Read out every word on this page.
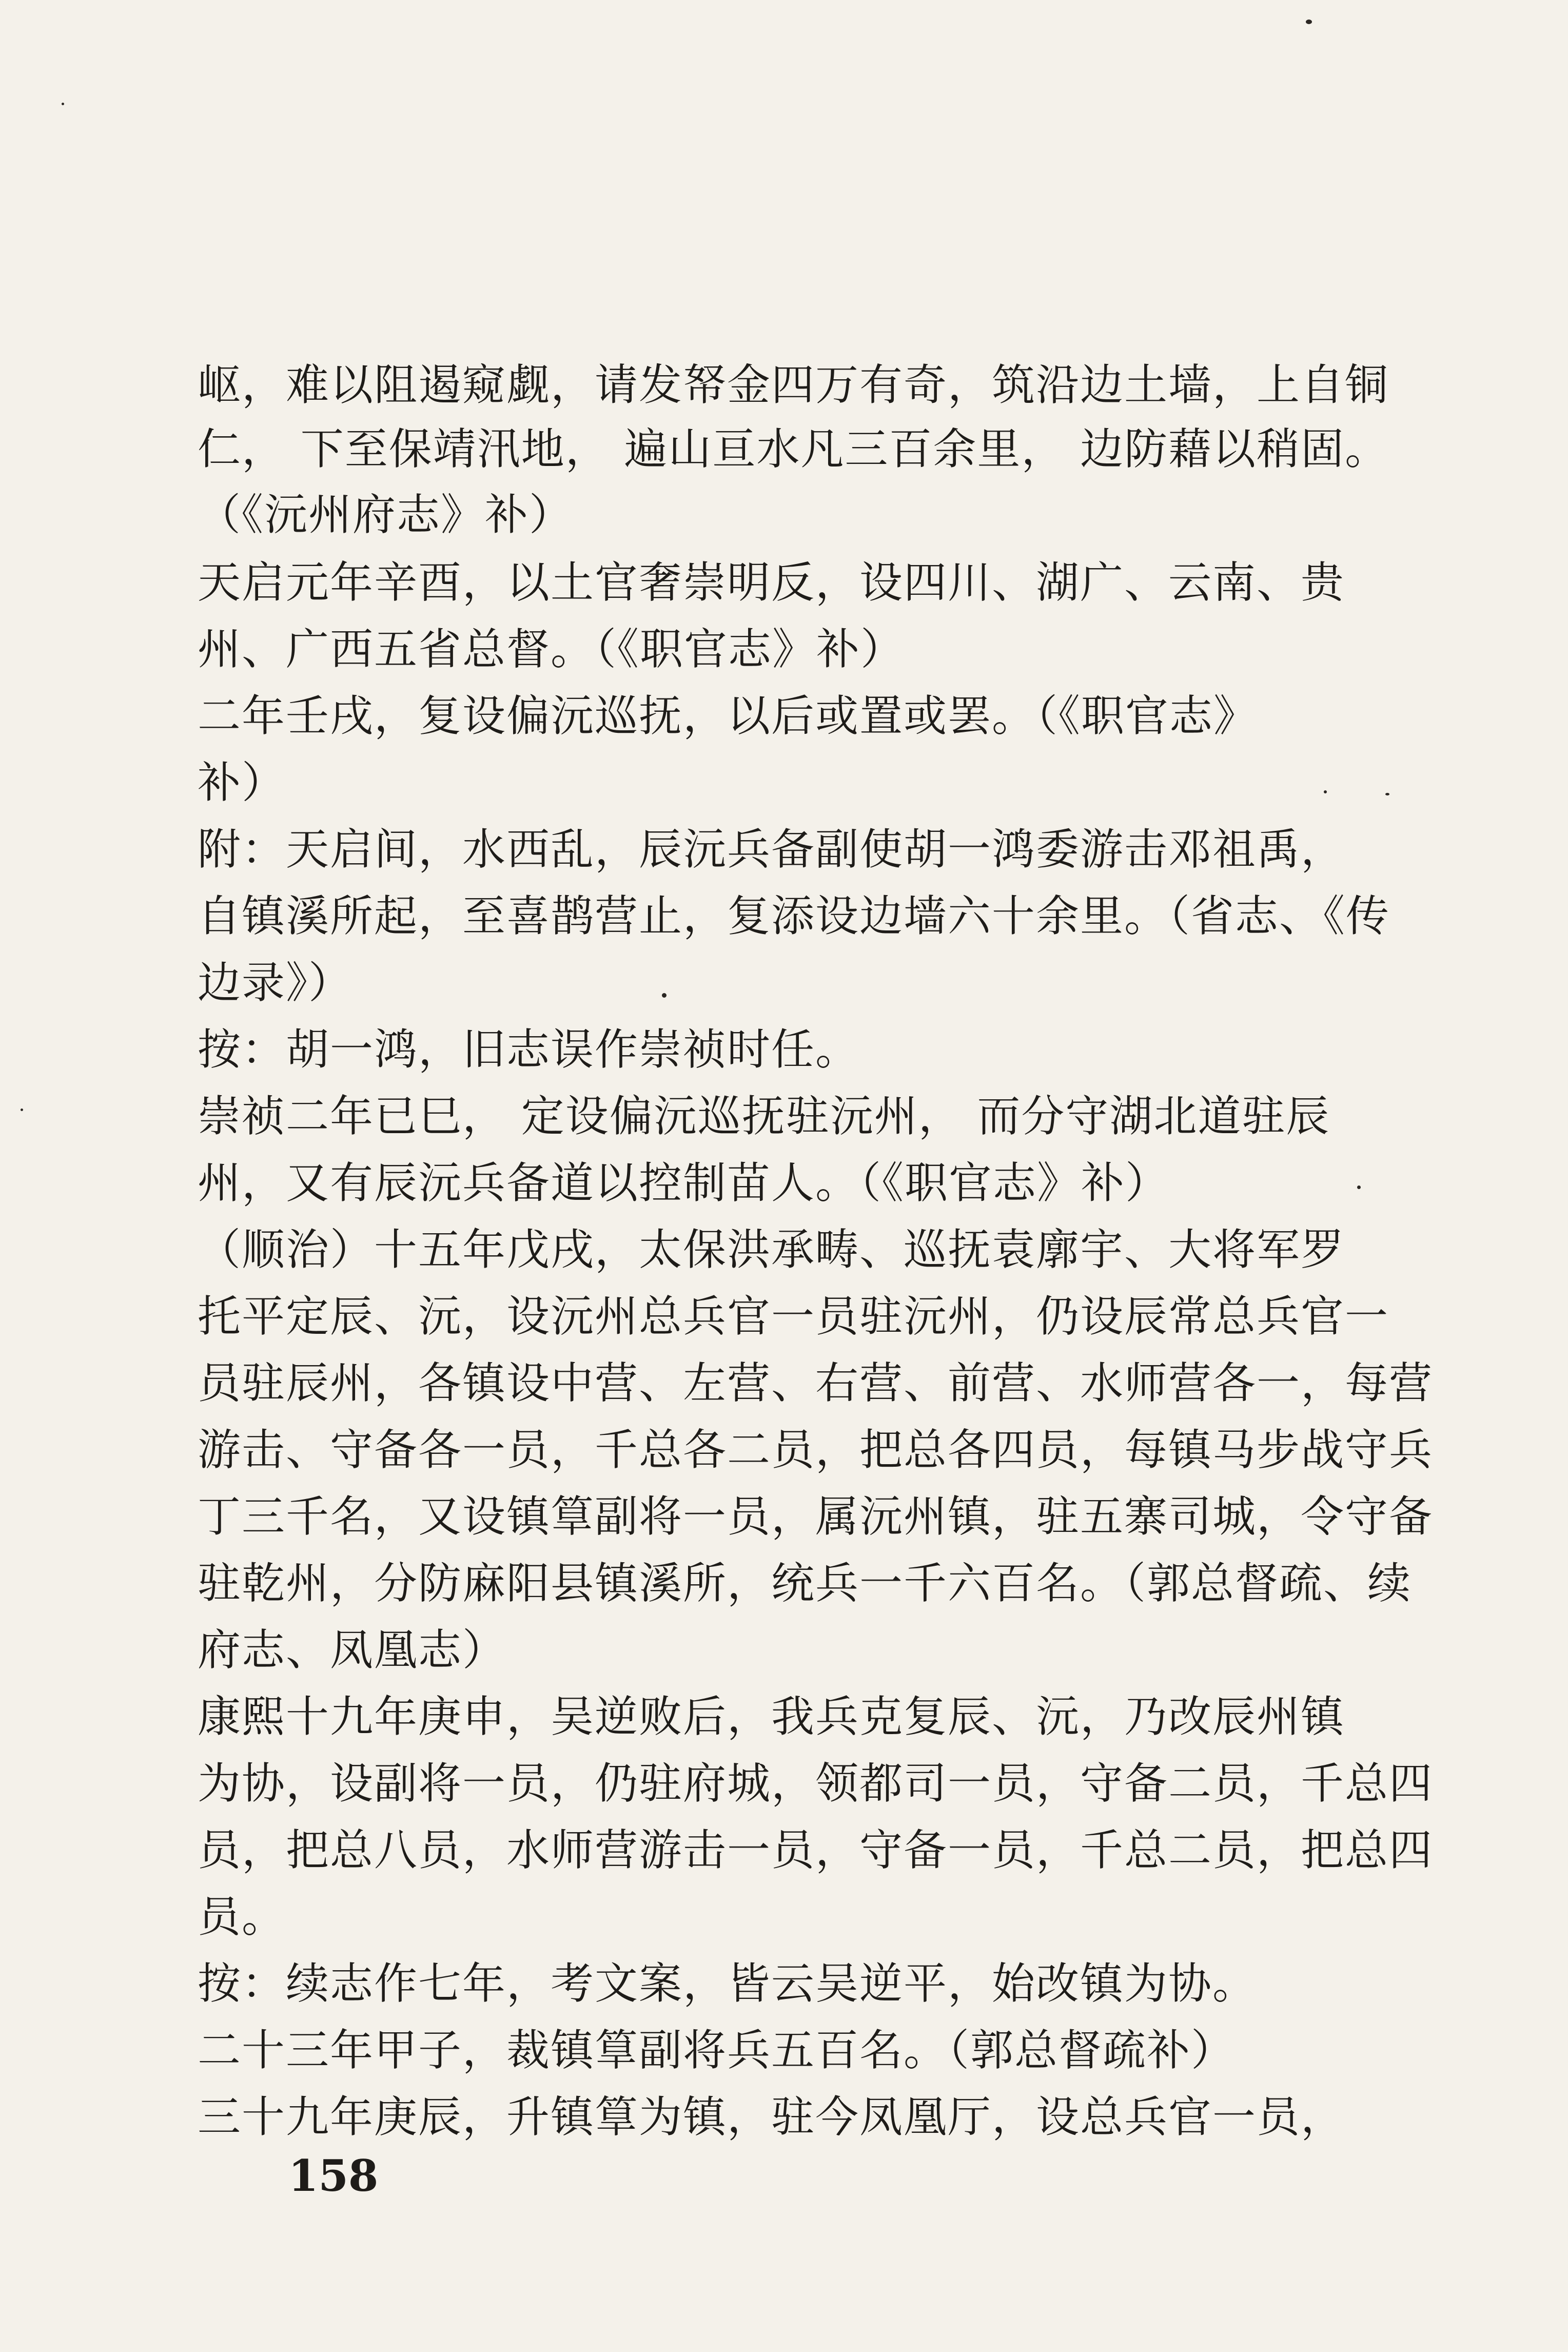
岖，难以阻遏窥觑，请发帑金四万有奇，筑沿边土墙，上自铜
仁， 下至保靖汛地， 遍山亘水凡三百余里， 边防藉以稍固。
（《沅州府志》补）
天启元年辛酉，以土官奢崇明反，设四川、湖广、云南、贵
州、广西五省总督。（《职官志》补）
二年壬戌，复设偏沅巡抚，以后或置或罢。（《职官志》
补）
附：天启间，水西乱，辰沅兵备副使胡一鸿委游击邓祖禹，
自镇溪所起，至喜鹊营止，复添设边墙六十余里。（省志、《传
边录》）
按：胡一鸿，旧志误作崇祯时任。
崇祯二年已巳， 定设偏沅巡抚驻沅州， 而分守湖北道驻辰
州，又有辰沅兵备道以控制苗人。（《职官志》补）
（顺治）十五年戊戌，太保洪承畴、巡抚袁廓宇、大将军罗
托平定辰、沅，设沅州总兵官一员驻沅州，仍设辰常总兵官一
员驻辰州，各镇设中营、左营、右营、前营、水师营各一，每营
游击、守备各一员，千总各二员，把总各四员，每镇马步战守兵
丁三千名，又设镇筸副将一员，属沅州镇，驻五寨司城，令守备
驻乾州，分防麻阳县镇溪所，统兵一千六百名。（郭总督疏、续
府志、凤凰志）
康熙十九年庚申，吴逆败后，我兵克复辰、沅，乃改辰州镇
为协，设副将一员，仍驻府城，领都司一员，守备二员，千总四
员，把总八员，水师营游击一员，守备一员，千总二员，把总四
员。
按：续志作七年，考文案，皆云吴逆平，始改镇为协。
二十三年甲子，裁镇筸副将兵五百名。（郭总督疏补）
三十九年庚辰，升镇筸为镇，驻今凤凰厅，设总兵官一员，
158
